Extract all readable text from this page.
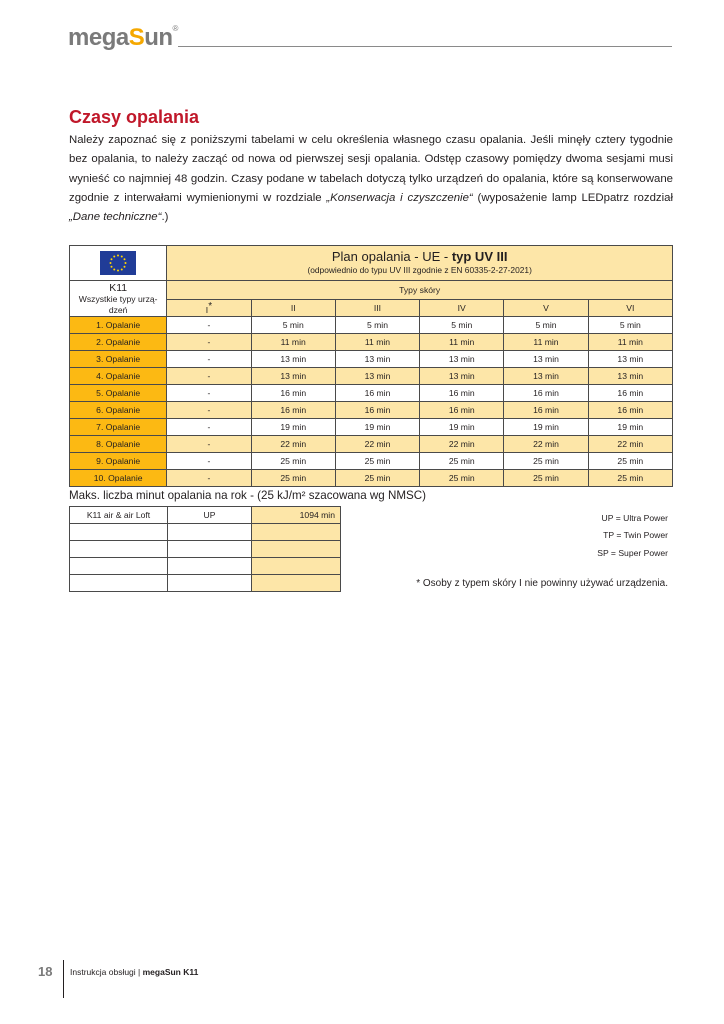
megaSun®
Czasy opalania

Należy zapoznać się z poniższymi tabelami w celu określenia własnego czasu opalania. Jeśli minęły cztery tygodnie bez opalania, to należy zacząć od nowa od pierwszej sesji opalania. Odstęp czasowy pomiędzy dwoma sesjami musi wynieść co najmniej 48 godzin. Czasy podane w tabelach dotyczą tylko urządzeń do opalania, które są konserwowane zgodnie z interwałami wymienionymi w rozdziale „Konserwacja i czyszczenie“ (wyposażenie lamp LEDpatrz rozdział „Dane techniczne“.)

Plan opalania - UE - typ UV III
(odpowiednio do typu UV III zgodnie z EN 60335-2-27-2021)					

K11
Wszystkie typy urzą-dzeń	Typy skóry					
	I*	II	III	IV	V	VI
1. Opalanie	-	5 min	5 min	5 min	5 min	5 min
2. Opalanie	-	11 min	11 min	11 min	11 min	11 min
3. Opalanie	-	13 min	13 min	13 min	13 min	13 min
4. Opalanie	-	13 min	13 min	13 min	13 min	13 min
5. Opalanie	-	16 min	16 min	16 min	16 min	16 min
6. Opalanie	-	16 min	16 min	16 min	16 min	16 min
7. Opalanie	-	19 min	19 min	19 min	19 min	19 min
8. Opalanie	-	22 min	22 min	22 min	22 min	22 min
9. Opalanie	-	25 min	25 min	25 min	25 min	25 min
10. Opalanie	-	25 min	25 min	25 min	25 min	25 min

Maks. liczba minut opalania na rok - (25 kJ/m² szacowana wg NMSC)

K11 air & air Loft	UP	1094 min

			UP = Ultra Power
TP = Twin Power
SP = Super Power

* Osoby z typem skóry I nie powinny używać urządzenia.

18 Instrukcja obsługi | megaSun K11
